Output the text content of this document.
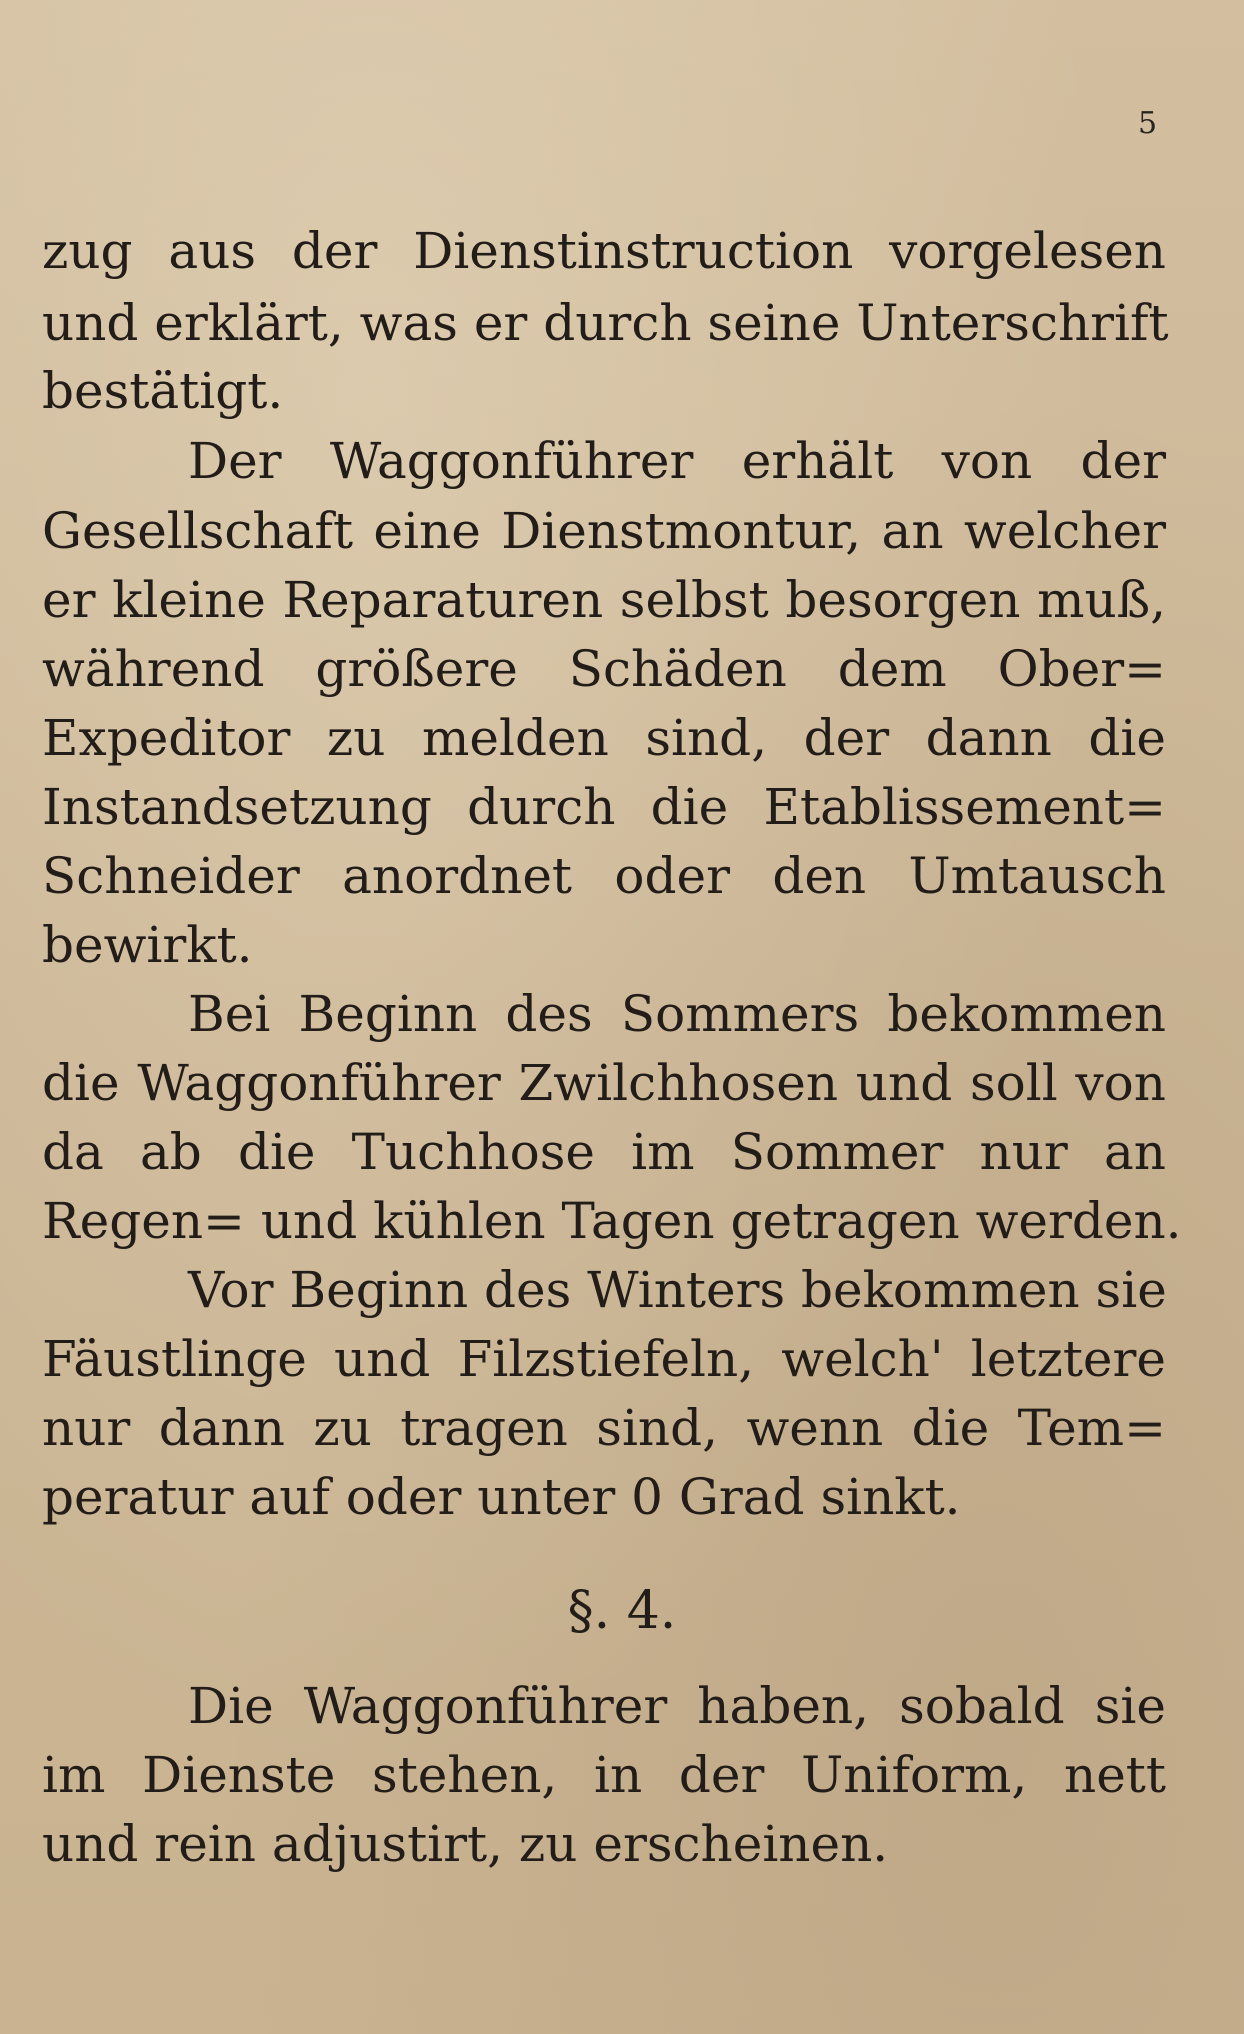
5

zug aus der Dienstinstruction vorgelesen

und erklärt, was er durch seine Unterschrift

bestätigt.

Der Waggonführer erhält von der

Gesellschaft eine Dienstmontur, an welcher

er kleine Reparaturen selbst besorgen muß,

während größere Schäden dem Ober=

Expeditor zu melden sind, der dann die

Instandsetzung durch die Etablissement=

Schneider anordnet oder den Umtausch

bewirkt.

Bei Beginn des Sommers bekommen

die Waggonführer Zwilchhosen und soll von

da ab die Tuchhose im Sommer nur an

Regen= und kühlen Tagen getragen werden.

Vor Beginn des Winters bekommen sie

Fäustlinge und Filzstiefeln, welch' letztere

nur dann zu tragen sind, wenn die Tem=

peratur auf oder unter 0 Grad sinkt.

§. 4.

Die Waggonführer haben, sobald sie

im Dienste stehen, in der Uniform, nett

und rein adjustirt, zu erscheinen.
